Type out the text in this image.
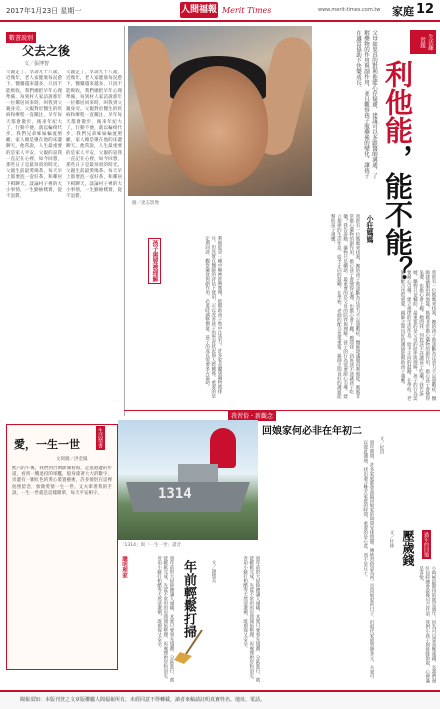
2017年1月23日 星期一	人間福報 Merit Times	www.merit-times.com.tw 家庭 12
數書說別
父去之後
文／張博智
父親走了，享壽九十八歲，近幾年，老人家健康每況愈下，醫藥越來越多，只因不能吸收，我們總把早年心理準備，每到村人家訪說那年一位鄰居回來時，叫我到父親身旁。父親對於醫生的疾病和療程一直關注，早年每天都會散步，後來年紀大了，行動不便，就以輪椅代步。我們兄弟姊妹輪流照顧，家人總是聚在他的床邊聊天。他常說，人生最重要的是家人平安，父親的話我一直記在心裡，如今回想，那些日子是最珍貴的時光。父親生前最愛喝茶，每天早上都要泡一壺好茶，和鄰居下棋聊天，談論村子裡的大小事情，一生勤儉樸實，從不浪費。
父親走了，享壽九十八歲，近幾年，老人家健康每況愈下，醫藥越來越多，只因不能吸收，我們總把早年心理準備，每到村人家訪說那年一位鄰居回來時，叫我到父親身旁。父親對於醫生的疾病和療程一直關注，早年每天都會散步，後來年紀大了，行動不便，就以輪椅代步。我們兄弟姊妹輪流照顧，家人總是聚在他的床邊聊天。他常說，人生最重要的是家人平安，父親的話我一直記在心裡，如今回想，那些日子是最珍貴的時光。父親生前最愛喝茶，每天早上都要泡一壺好茶，和鄰居下棋聊天，談論村子裡的大小事情，一生勤儉樸實，從不浪費。
圖／達志影像
生活練習題
利他能，能不能？
父母如果真的對利他能心存疑慮，建議可以多跟醫師溝通，了解藥物的作用與副作用，並且觀察孩子服藥後的變化，讓孩子在適當協助下快樂成長。
小狂媽媽
曾經有一位媽媽來找我，她的孩子被診斷為注意力不足過動症，醫師建議服用利他能。媽媽非常擔心藥物的副作用，擔心孩子會變得呆滯，也擔心會上癮。她問我：到底該不該讓孩子吃藥？我告訴她，藥物只是輔助，最重要的是父母的陪伴與理解。孩子的行為需要耐心引導，建立規律的生活作息，給予正向的鼓勵。在學校，老師的配合也很重要，親師之間良好的溝通能幫助孩子適應。
孩子需要被理解	利他能是一種中樞神經興奮劑，能幫助孩子集中注意力。許多家長聽到藥物就排斥，但其實在醫師的評估下使用，可以改善孩子的學習狀況與人際關係。重要的是定期回診，觀察藥效與副作用，必要時調整劑量。孩子的成長需要多方協助。	曾經有一位媽媽來找我，她的孩子被診斷為注意力不足過動症，醫師建議服用利他能。媽媽非常擔心藥物的副作用，擔心孩子會變得呆滯，也擔心會上癮。她問我：到底該不該讓孩子吃藥？我告訴她，藥物只是輔助，最重要的是父母的陪伴與理解。孩子的行為需要耐心引導，建立規律的生活作息，給予正向的鼓勵。在學校，老師的配合也很重要，親師之間良好的溝通能幫助孩子適應。
我習俗・新觀念
回娘家何必非在年初二
過年期間，許多家庭都會面臨回娘家的時間安排問題。傳統習俗認為初二是回娘家的日子，但現代家庭型態多元，夫妻可以彼此溝通，找出適合雙方家庭的時間。重要的是心意，而不是日子。	文／紀四
生活情書
愛，一生一世
文與圖／洪金鳳
熙六的午後，我們到台灣澎湖看海，走進港邊的步道，看到一艘退役的軍艦，船身漆著大大的數字，旁邊有一顆紅色的愛心裝置藝術，許多情侶在這裡拍照留念，象徵愛情一生一世。丈夫牽著我的手說，一生一世就是這樣簡單，每天平安相守。	1314
「1314」與「一生一世」諧音
聰明理家	過年前的大掃除總讓人頭痛，其實只要事先規劃，分區進行，就能輕鬆完成。先從不常用的房間開始整理，再處理廚房和浴室。善用小蘇打和醋等天然清潔劑，既環保又安全。	年前輕鬆打掃	文／謝德美	過年前的大掃除總讓人頭痛，其實只要事先規劃，分區進行，就能輕鬆完成。先從不常用的房間開始整理，再處理廚房和浴室。善用小蘇打和醋等天然清潔劑，既環保又安全。
過年的回憶
壓歲錢
文／杜林
小時候最期待的就是過年，因為可以拿到壓歲錢。長輩們發紅包時總會說幾句吉祥話，我們小孩子則排隊領取，心裡滿是喜悅。
閱報須知：本版刊登之文章版權屬人間福報所有，未經同意不得轉載，讀者來稿請註明真實姓名、地址、電話。
